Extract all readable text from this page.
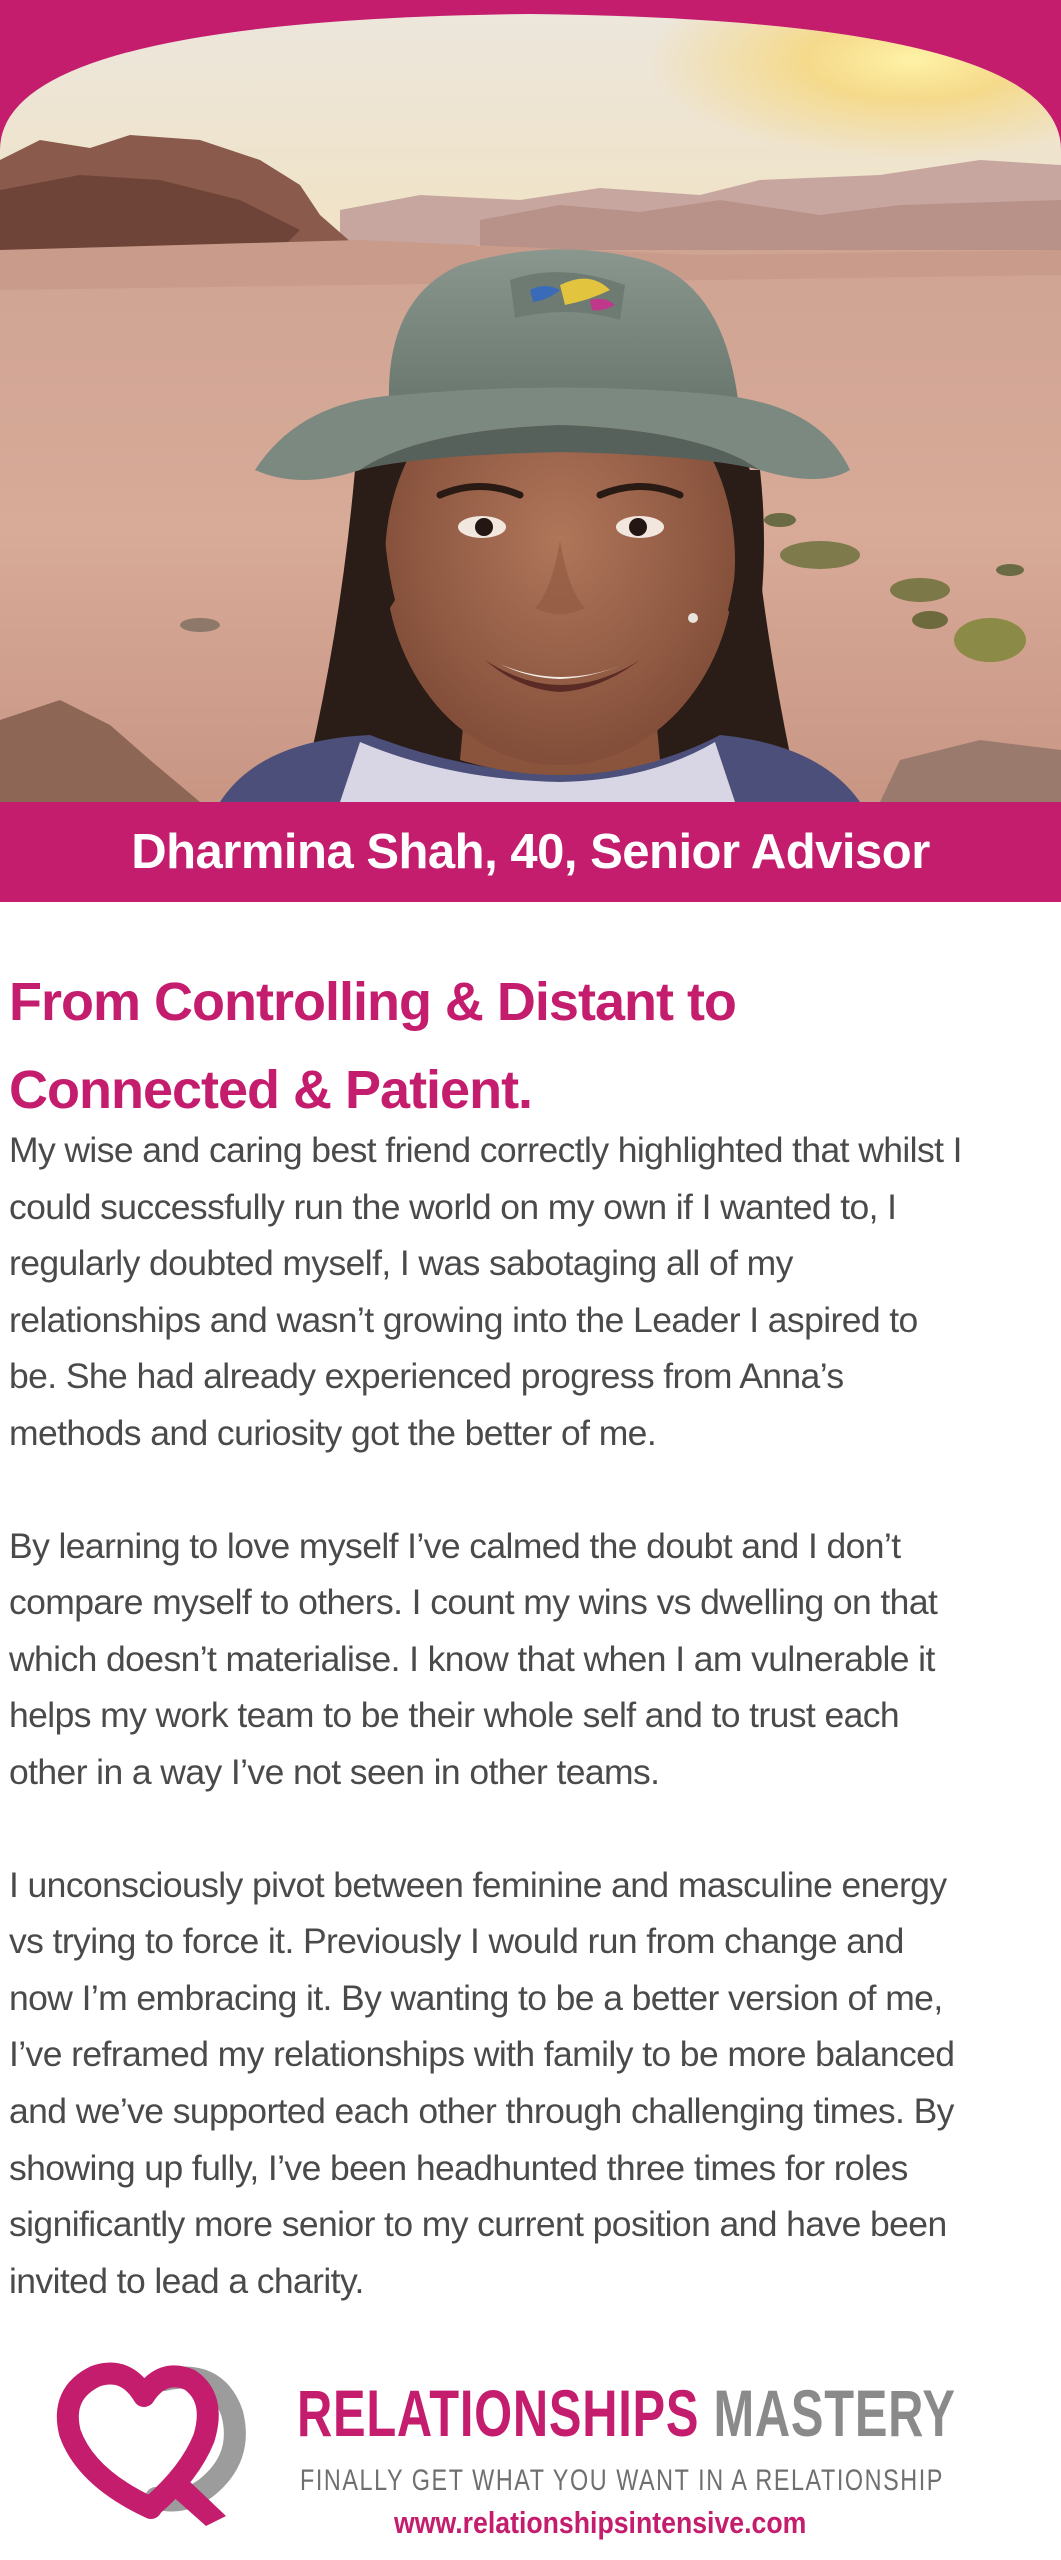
Dharmina Shah, 40, Senior Advisor
From Controlling & Distant to
Connected & Patient.

My wise and caring best friend correctly highlighted that whilst I
could successfully run the world on my own if I wanted to, I
regularly doubted myself, I was sabotaging all of my
relationships and wasn’t growing into the Leader I aspired to
be. She had already experienced progress from Anna’s
methods and curiosity got the better of me.

By learning to love myself I’ve calmed the doubt and I don’t
compare myself to others. I count my wins vs dwelling on that
which doesn’t materialise. I know that when I am vulnerable it
helps my work team to be their whole self and to trust each
other in a way I’ve not seen in other teams.

I unconsciously pivot between feminine and masculine energy
vs trying to force it. Previously I would run from change and
now I’m embracing it. By wanting to be a better version of me,
I’ve reframed my relationships with family to be more balanced
and we’ve supported each other through challenging times. By
showing up fully, I’ve been headhunted three times for roles
significantly more senior to my current position and have been
invited to lead a charity.

RELATIONSHIPS MASTERY

FINALLY GET WHAT YOU WANT IN A RELATIONSHIP

www.relationshipsintensive.com
